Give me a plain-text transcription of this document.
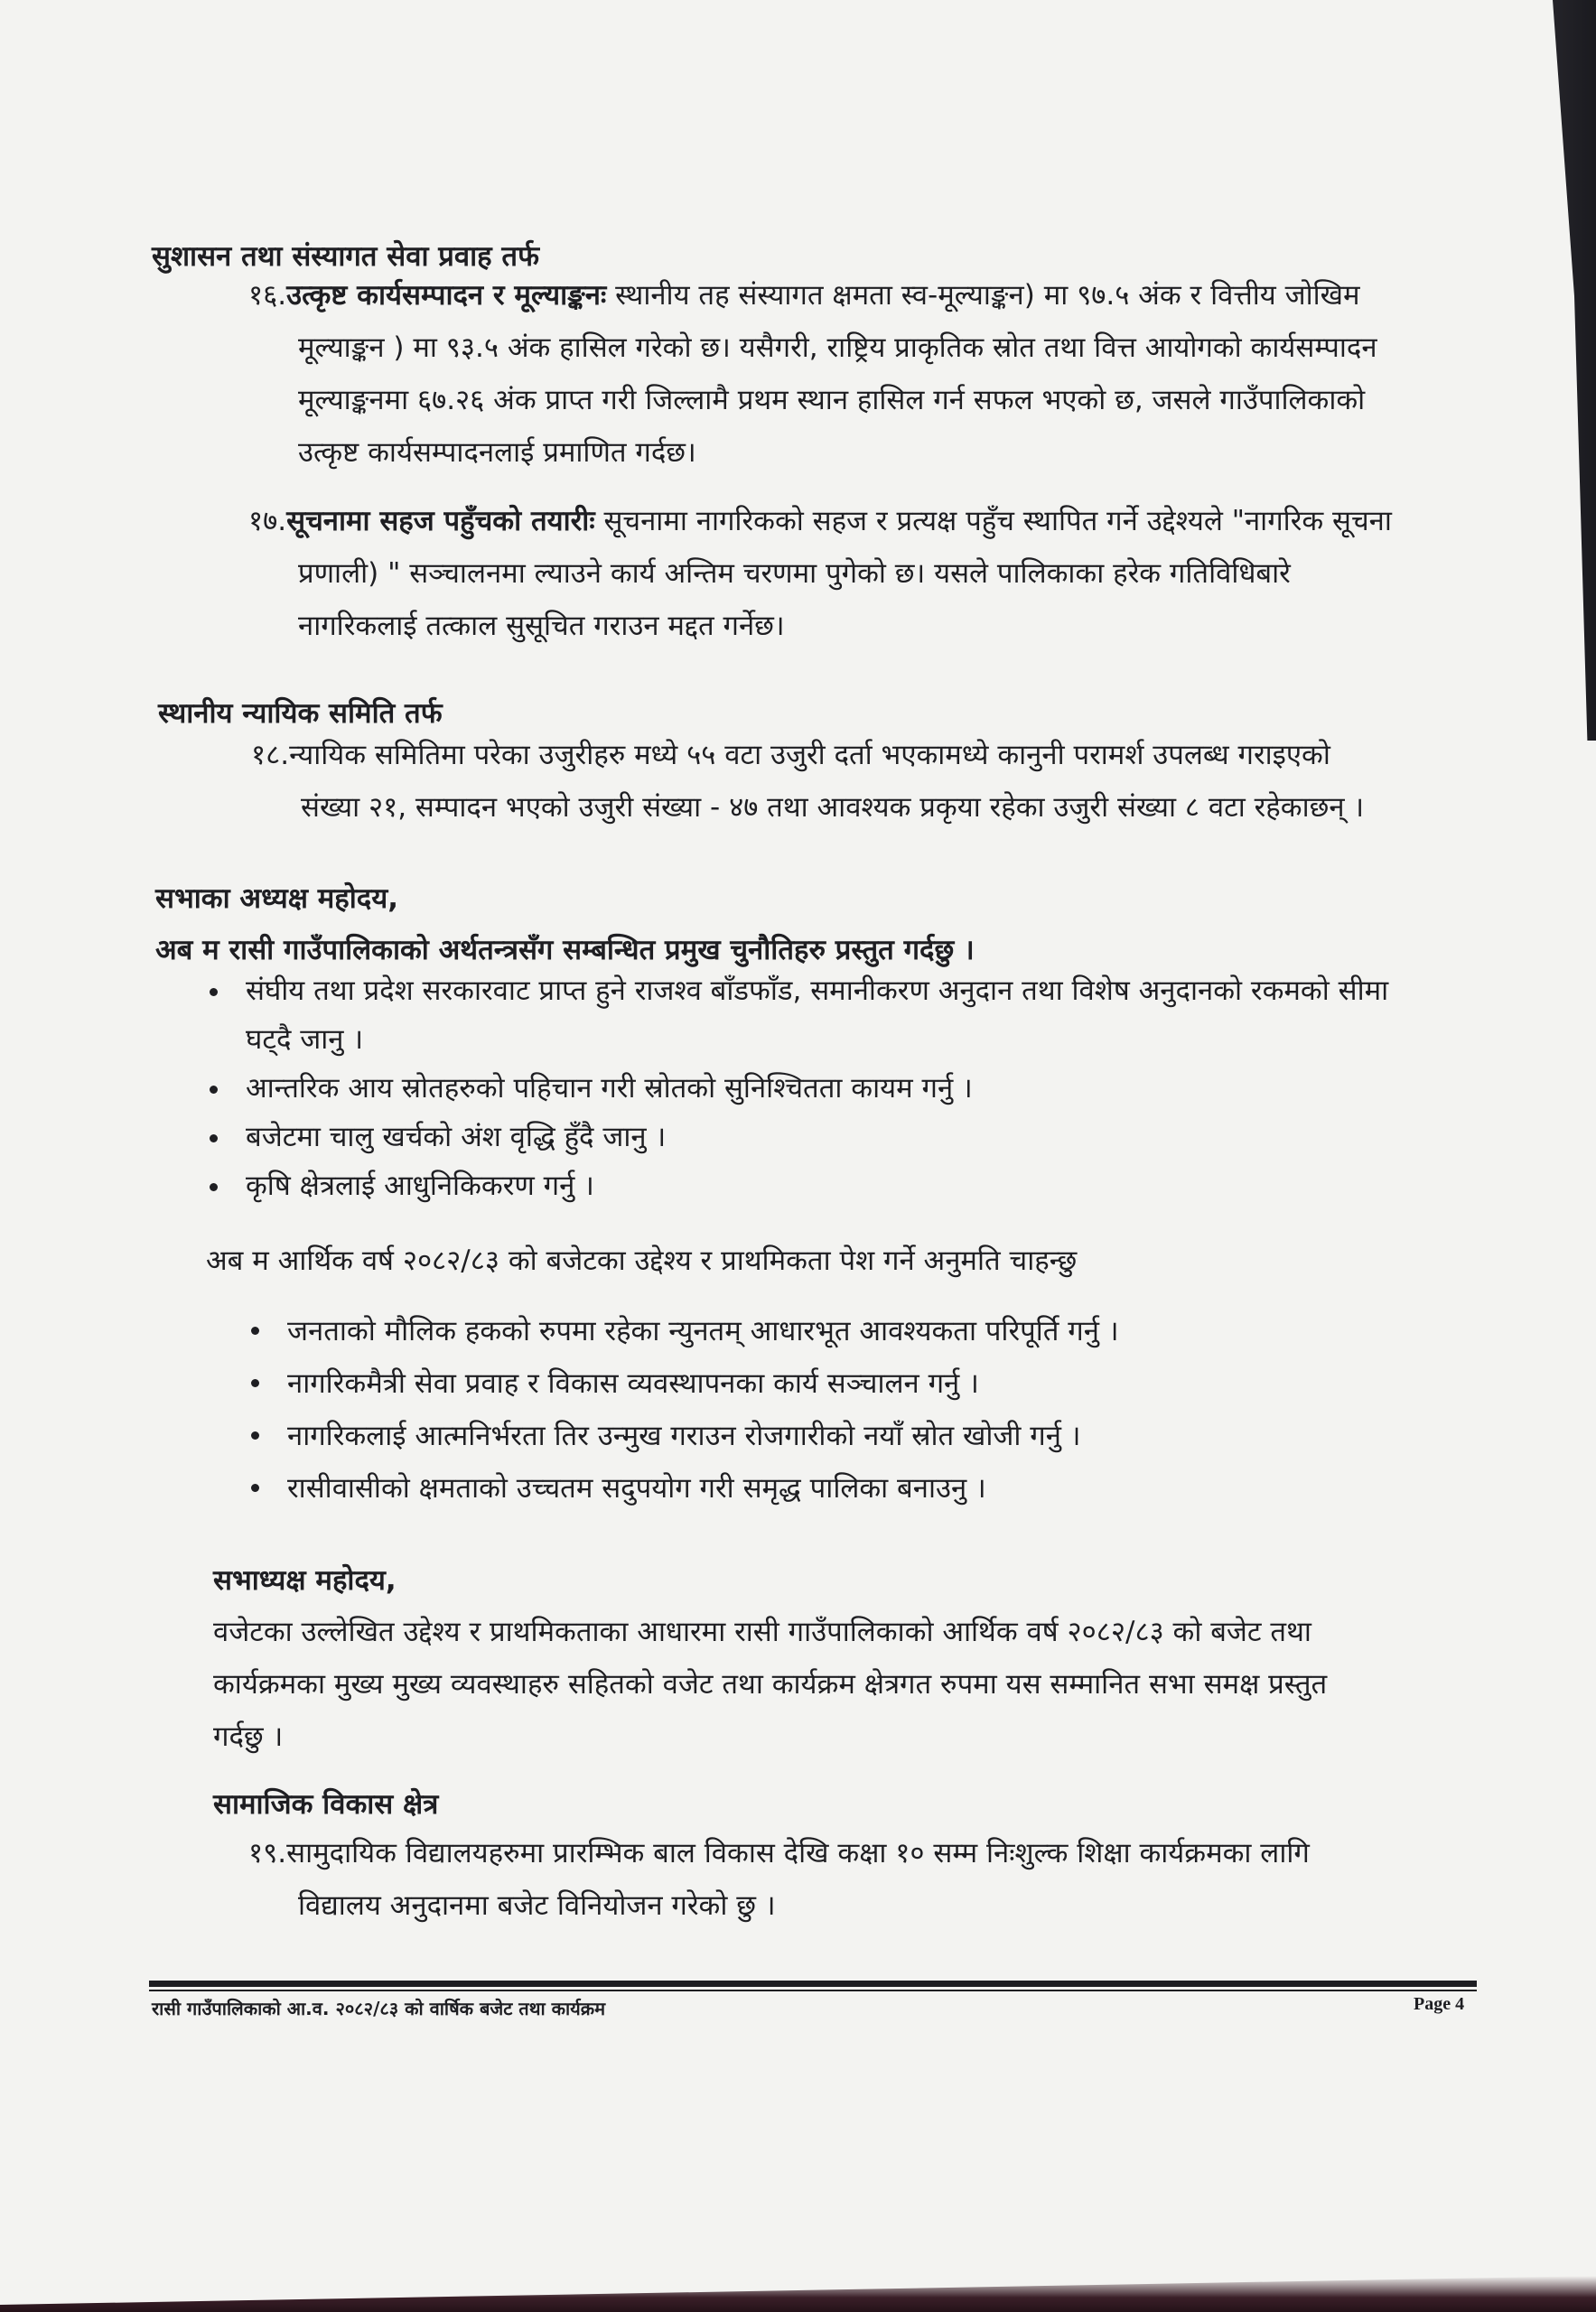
सुशासन तथा संस्यागत सेवा प्रवाह तर्फ
१६.उत्कृष्ट कार्यसम्पादन र मूल्याङ्कनः स्थानीय तह संस्यागत क्षमता स्व-मूल्याङ्कन) मा ९७.५ अंक र वित्तीय जोखिम
मूल्याङ्कन ) मा ९३.५ अंक हासिल गरेको छ। यसैगरी, राष्ट्रिय प्राकृतिक स्रोत तथा वित्त आयोगको कार्यसम्पादन
मूल्याङ्कनमा ६७.२६ अंक प्राप्त गरी जिल्लामै प्रथम स्थान हासिल गर्न सफल भएको छ, जसले गाउँपालिकाको
उत्कृष्ट कार्यसम्पादनलाई प्रमाणित गर्दछ।
१७.सूचनामा सहज पहुँचको तयारीः सूचनामा नागरिकको सहज र प्रत्यक्ष पहुँच स्थापित गर्ने उद्देश्यले "नागरिक सूचना
प्रणाली) " सञ्चालनमा ल्याउने कार्य अन्तिम चरणमा पुगेको छ। यसले पालिकाका हरेक गतिविधिबारे
नागरिकलाई तत्काल सुसूचित गराउन मद्दत गर्नेछ।
स्थानीय न्यायिक समिति तर्फ
१८.न्यायिक समितिमा परेका उजुरीहरु मध्ये ५५ वटा उजुरी दर्ता भएकामध्ये कानुनी परामर्श उपलब्ध गराइएको
संख्या २१, सम्पादन भएको उजुरी संख्या - ४७ तथा आवश्यक प्रकृया रहेका उजुरी संख्या ८ वटा रहेकाछन् ।
सभाका अध्यक्ष महोदय,
अब म रासी गाउँपालिकाको अर्थतन्त्रसँग सम्बन्धित प्रमुख चुनौतिहरु प्रस्तुत गर्दछु ।
संघीय तथा प्रदेश सरकारवाट प्राप्त हुने राजश्व बाँडफाँड, समानीकरण अनुदान तथा विशेष अनुदानको रकमको सीमा
घट्दै जानु ।
आन्तरिक आय स्रोतहरुको पहिचान गरी स्रोतको सुनिश्चितता कायम गर्नु ।
बजेटमा चालु खर्चको अंश वृद्धि हुँदै जानु ।
कृषि क्षेत्रलाई आधुनिकिकरण गर्नु ।
अब म आर्थिक वर्ष २०८२/८३ को बजेटका उद्देश्य र प्राथमिकता पेश गर्ने अनुमति चाहन्छु
जनताको मौलिक हकको रुपमा रहेका न्युनतम् आधारभूत आवश्यकता परिपूर्ति गर्नु ।
नागरिकमैत्री सेवा प्रवाह र विकास व्यवस्थापनका कार्य सञ्चालन गर्नु ।
नागरिकलाई आत्मनिर्भरता तिर उन्मुख गराउन रोजगारीको नयाँ स्रोत खोजी गर्नु ।
रासीवासीको क्षमताको उच्चतम सदुपयोग गरी समृद्ध पालिका बनाउनु ।
सभाध्यक्ष महोदय,
वजेटका उल्लेखित उद्देश्य र प्राथमिकताका आधारमा रासी गाउँपालिकाको आर्थिक वर्ष २०८२/८३ को बजेट तथा
कार्यक्रमका मुख्य मुख्य व्यवस्थाहरु सहितको वजेट तथा कार्यक्रम क्षेत्रगत रुपमा यस सम्मानित सभा समक्ष प्रस्तुत
गर्दछु ।
सामाजिक विकास क्षेत्र
१९.सामुदायिक विद्यालयहरुमा प्रारम्भिक बाल विकास देखि कक्षा १० सम्म निःशुल्क शिक्षा कार्यक्रमका लागि
विद्यालय अनुदानमा बजेट विनियोजन गरेको छु ।
रासी गाउँपालिकाको आ.व. २०८२/८३ को वार्षिक बजेट तथा कार्यक्रम	Page 4
